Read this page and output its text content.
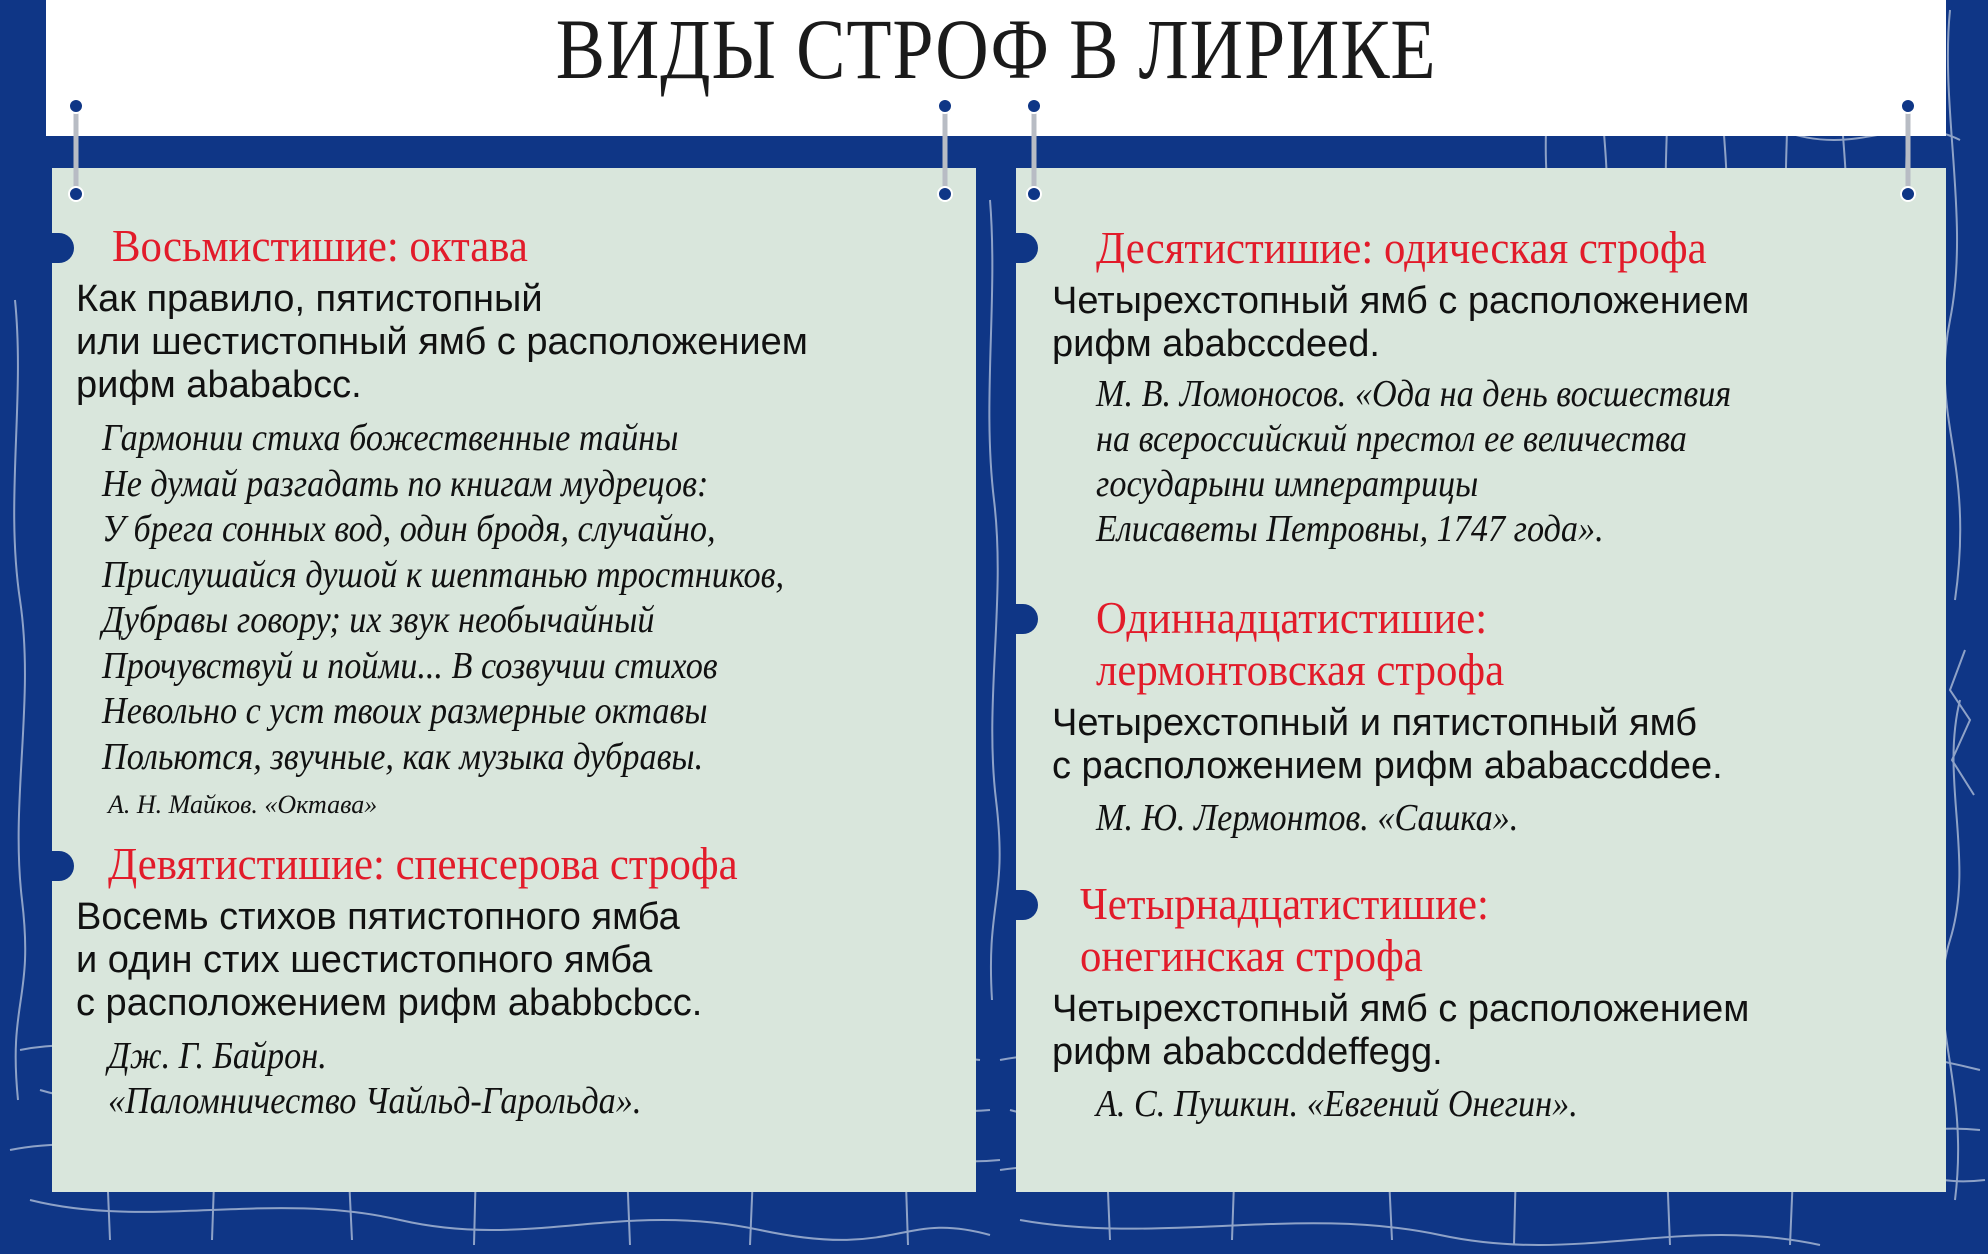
ВИДЫ СТРОФ В ЛИРИКЕ
Восьмистишие: октава
Как правило, пятистопный
или шестистопный ямб с расположением
рифм abababcc.
Гармонии стиха божественные тайны
Не думай разгадать по книгам мудрецов:
У брега сонных вод, один бродя, случайно,
Прислушайся душой к шептанью тростников,
Дубравы говору; их звук необычайный
Прочувствуй и пойми... В созвучии стихов
Невольно с уст твоих размерные октавы
Польются, звучные, как музыка дубравы.
А. Н. Майков. «Октава»
Девятистишие: спенсерова строфа
Восемь стихов пятистопного ямба
и один стих шестистопного ямба
с расположением рифм ababbcbcc.
Дж. Г. Байрон.
«Паломничество Чайльд-Гарольда».
Десятистишие: одическая строфа
Четырехстопный ямб с расположением
рифм ababccdeed.
М. В. Ломоносов. «Ода на день восшествия
на всероссийский престол ее величества
государыни императрицы
Елисаветы Петровны, 1747 года».
Одиннадцатистишие:
лермонтовская строфа
Четырехстопный и пятистопный ямб
с расположением рифм ababaccddee.
М. Ю. Лермонтов. «Сашка».
Четырнадцатистишие:
онегинская строфа
Четырехстопный ямб с расположением
рифм ababccddeffegg.
А. С. Пушкин. «Евгений Онегин».
